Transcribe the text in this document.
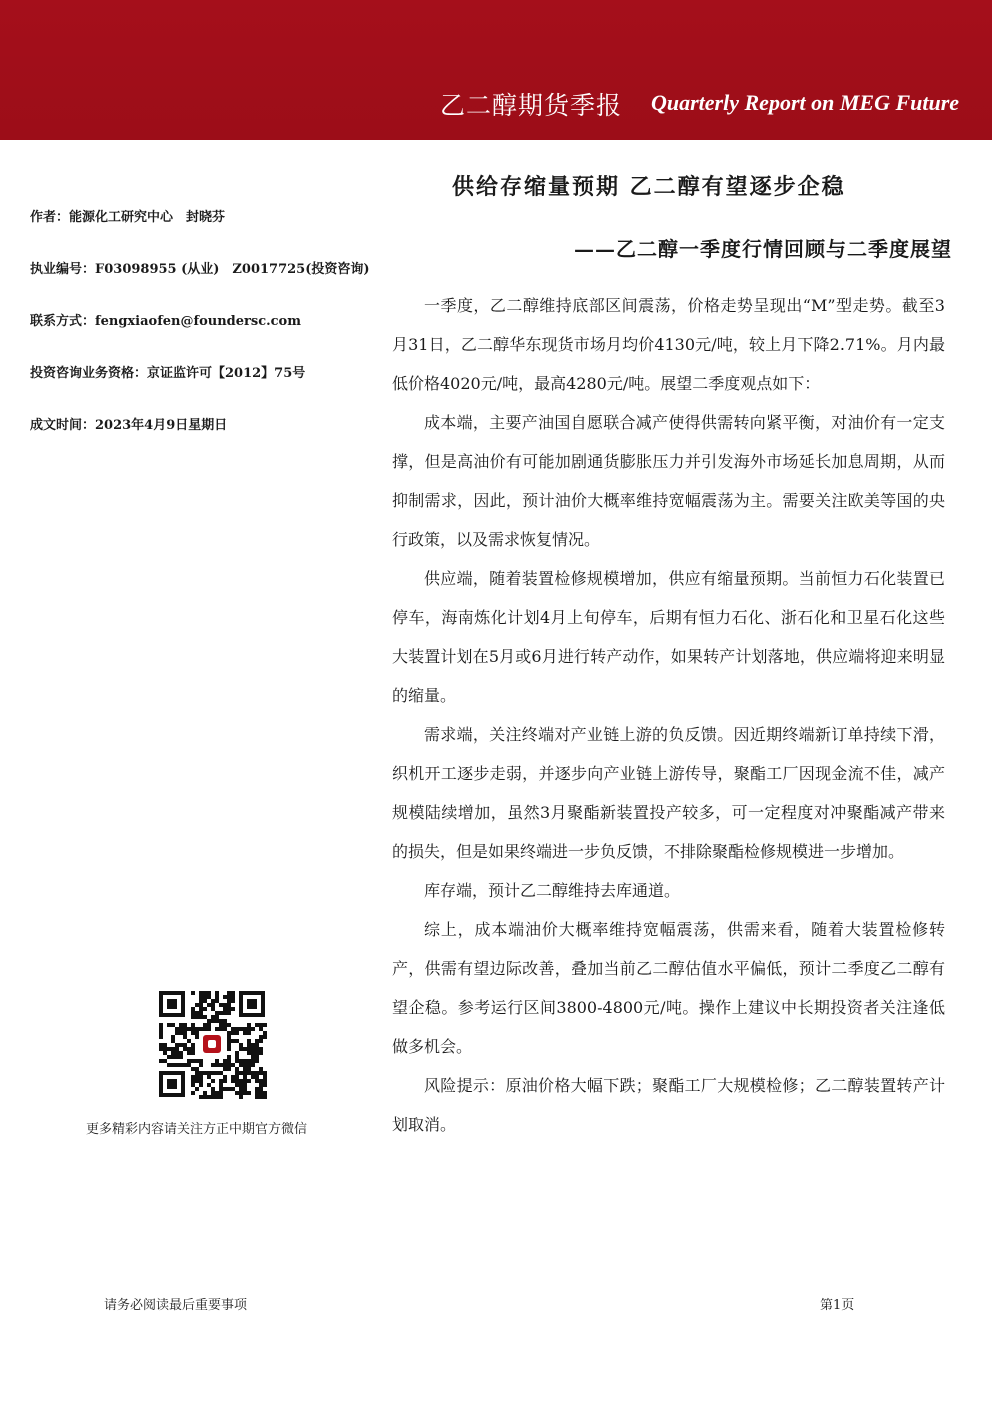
乙二醇期货季报 Quarterly Report on MEG Future
供给存缩量预期 乙二醇有望逐步企稳
——乙二醇一季度行情回顾与二季度展望
作者：能源化工研究中心　封晓芬
执业编号：F03098955 (从业)　Z0017725(投资咨询)
联系方式：fengxiaofen@foundersc.com
投资咨询业务资格：京证监许可【2012】75号
成文时间：2023年4月9日星期日

一季度，乙二醇维持底部区间震荡，价格走势呈现出“M”型走势。截至3月31日，乙二醇华东现货市场月均价4130元/吨，较上月下降2.71%。月内最低价格4020元/吨，最高4280元/吨。展望二季度观点如下：

成本端，主要产油国自愿联合减产使得供需转向紧平衡，对油价有一定支撑，但是高油价有可能加剧通货膨胀压力并引发海外市场延长加息周期，从而抑制需求，因此，预计油价大概率维持宽幅震荡为主。需要关注欧美等国的央行政策，以及需求恢复情况。

供应端，随着装置检修规模增加，供应有缩量预期。当前恒力石化装置已停车，海南炼化计划4月上旬停车，后期有恒力石化、浙石化和卫星石化这些大装置计划在5月或6月进行转产动作，如果转产计划落地，供应端将迎来明显的缩量。

需求端，关注终端对产业链上游的负反馈。因近期终端新订单持续下滑，织机开工逐步走弱，并逐步向产业链上游传导，聚酯工厂因现金流不佳，减产规模陆续增加，虽然3月聚酯新装置投产较多，可一定程度对冲聚酯减产带来的损失，但是如果终端进一步负反馈，不排除聚酯检修规模进一步增加。

库存端，预计乙二醇维持去库通道。

综上，成本端油价大概率维持宽幅震荡，供需来看，随着大装置检修转产，供需有望边际改善，叠加当前乙二醇估值水平偏低，预计二季度乙二醇有望企稳。参考运行区间3800-4800元/吨。操作上建议中长期投资者关注逢低做多机会。

风险提示：原油价格大幅下跌；聚酯工厂大规模检修；乙二醇装置转产计划取消。

更多精彩内容请关注方正中期官方微信
请务必阅读最后重要事项	第1页
